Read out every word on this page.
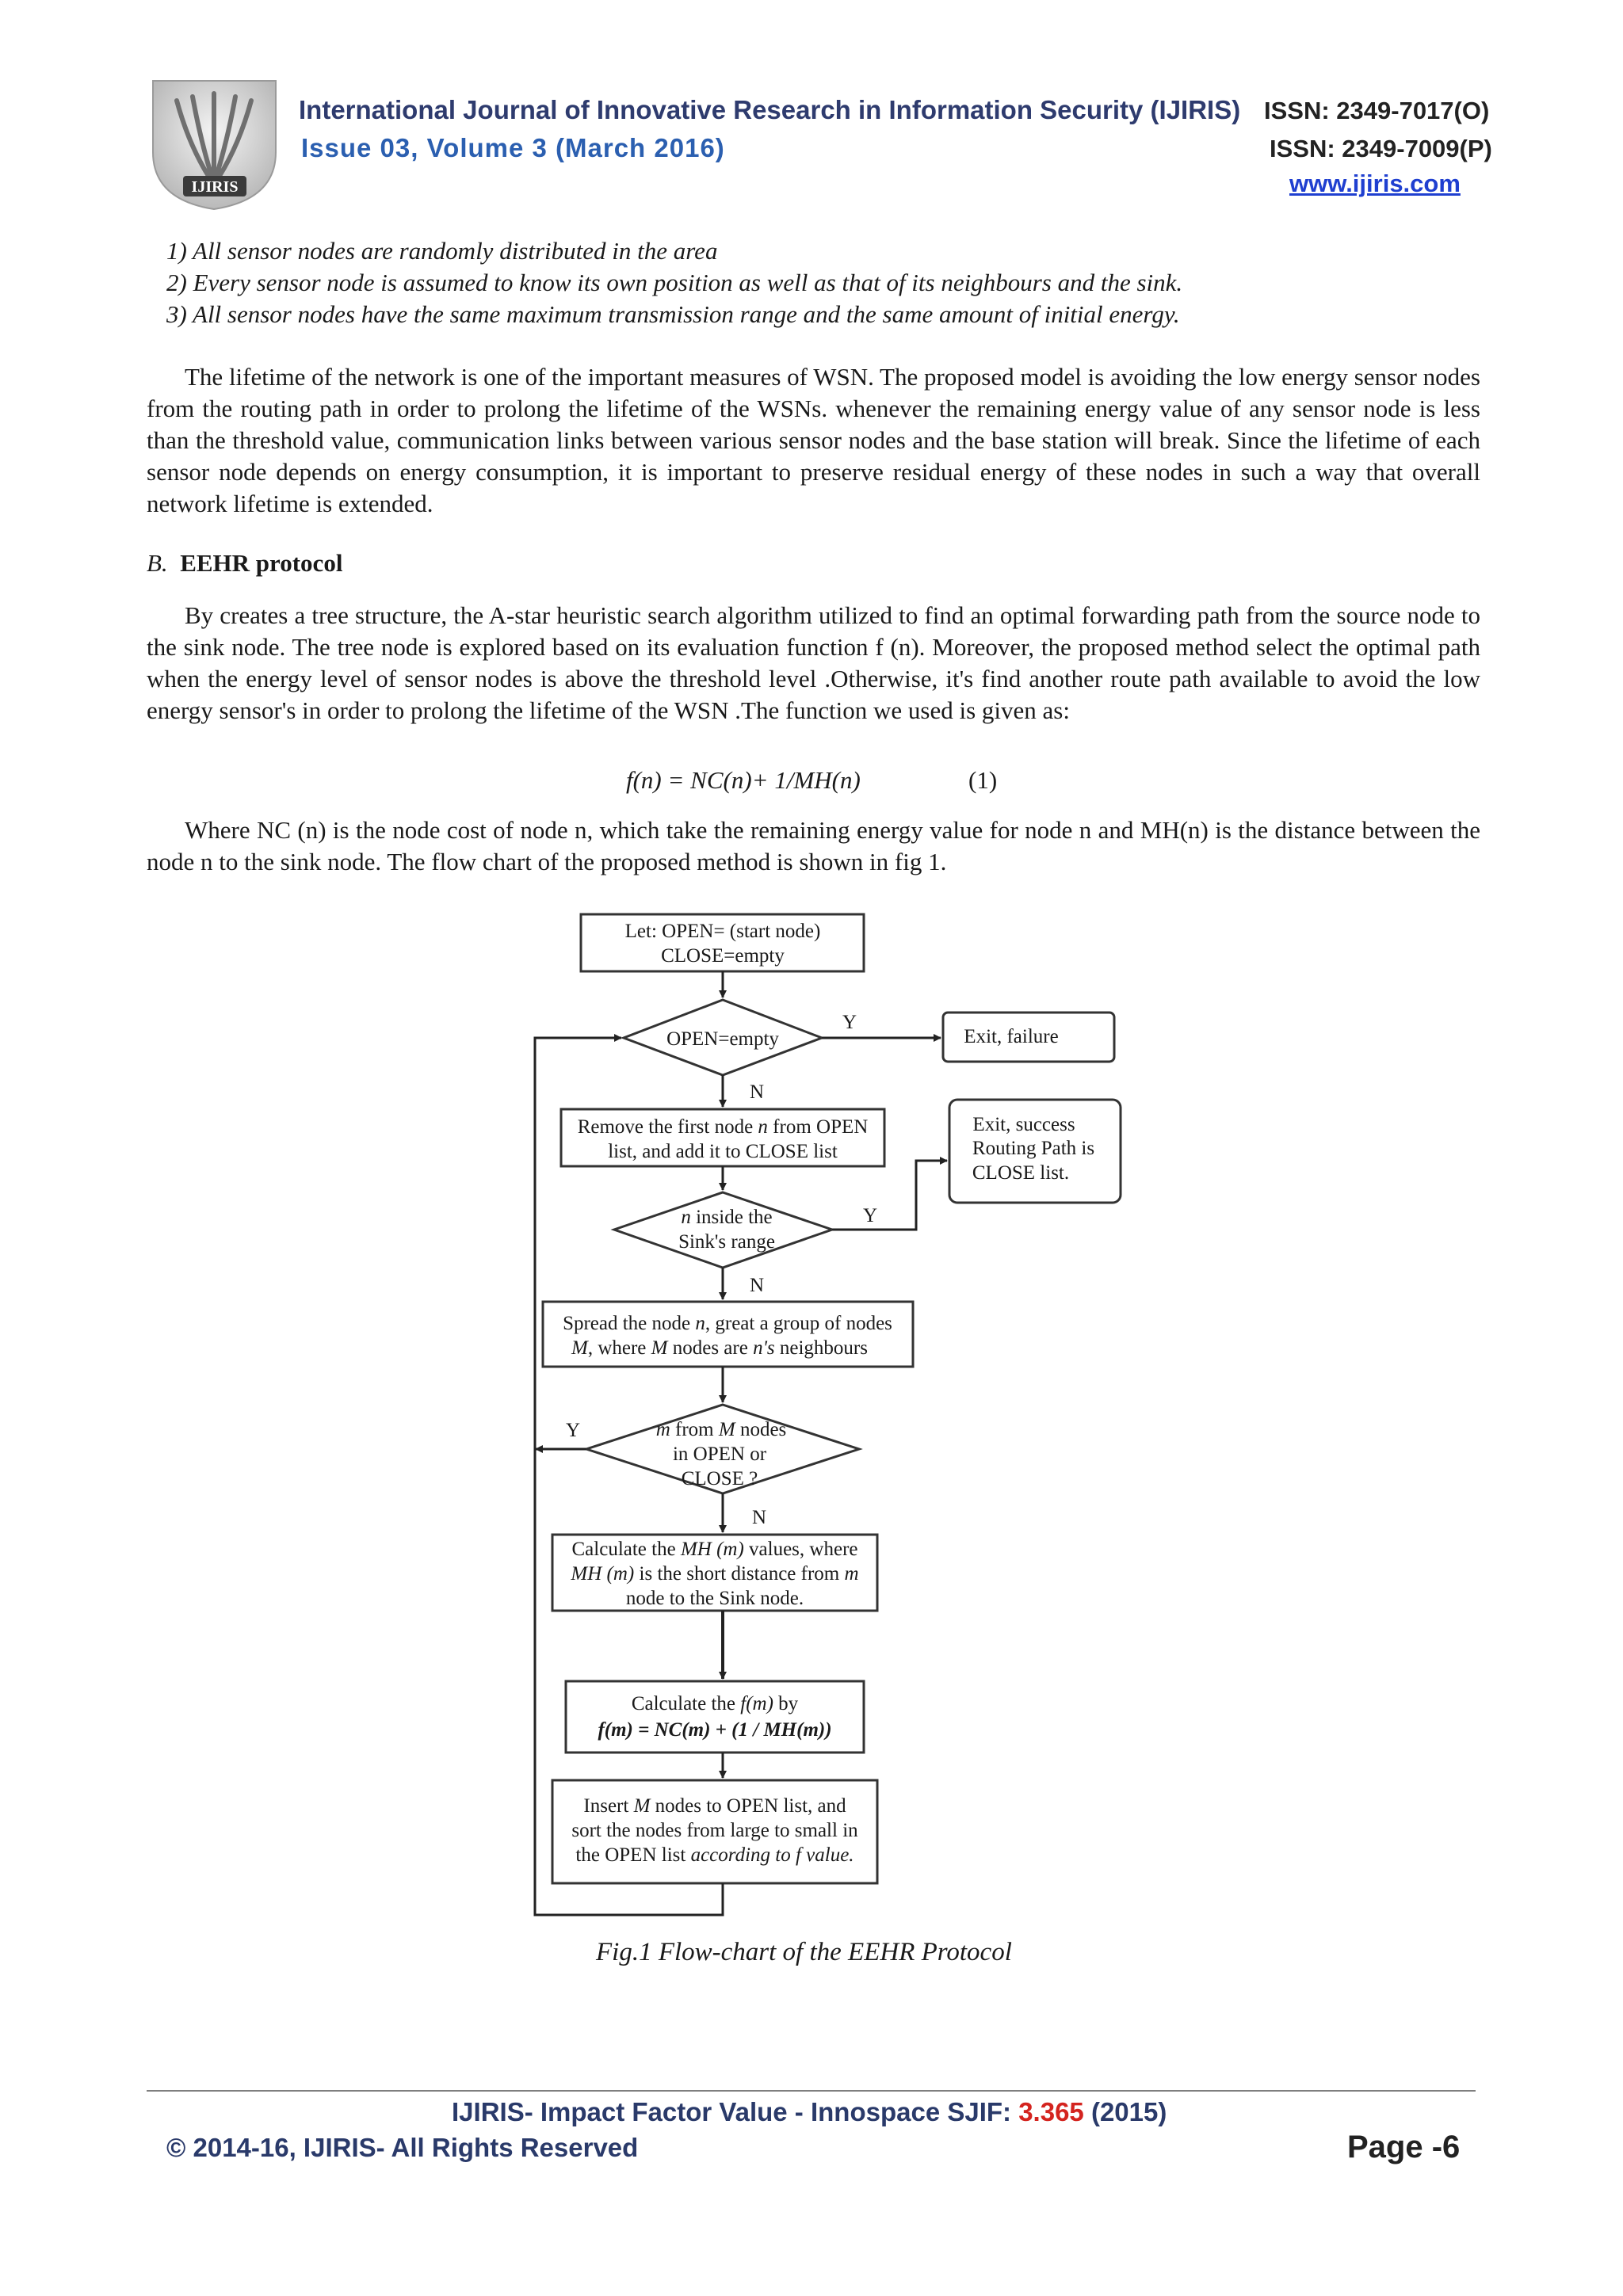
IJIRIS
International Journal of Innovative Research in Information Security (IJIRIS) ISSN: 2349-7017(O)
Issue 03, Volume 3 (March 2016)	ISSN: 2349-7009(P)
www.ijiris.com
1) All sensor nodes are randomly distributed in the area
2) Every sensor node is assumed to know its own position as well as that of its neighbours and the sink.
3) All sensor nodes have the same maximum transmission range and the same amount of initial energy.

The lifetime of the network is one of the important measures of WSN. The proposed model is avoiding the low energy sensor nodes from the routing path in order to prolong the lifetime of the WSNs. whenever the remaining energy value of any sensor node is less than the threshold value, communication links between various sensor nodes and the base station will break. Since the lifetime of each sensor node depends on energy consumption, it is important to preserve residual energy of these nodes in such a way that overall network lifetime is extended.

B. EEHR protocol

By creates a tree structure, the A-star heuristic search algorithm utilized to find an optimal forwarding path from the source node to the sink node. The tree node is explored based on its evaluation function f (n). Moreover, the proposed method select the optimal path when the energy level of sensor nodes is above the threshold level .Otherwise, it's find another route path available to avoid the low energy sensor's in order to prolong the lifetime of the WSN .The function we used is given as:

f(n) = NC(n)+ 1/MH(n)	(1)

Where NC (n) is the node cost of node n, which take the remaining energy value for node n and MH(n) is the distance between the node n to the sink node. The flow chart of the proposed method is shown in fig 1.

Let: OPEN= (start node)
CLOSE=empty
OPEN=empty
Y
Exit, failure
N
Remove the first node n from OPEN
list, and add it to CLOSE list
Exit, success
Routing Path is
CLOSE list.
Y
n inside the
Sink's range
N
Spread the node n, great a group of nodes
M, where M nodes are n's neighbours
Y	m from M nodes
in OPEN or
CLOSE ?
N
Calculate the MH (m) values, where
MH (m) is the short distance from m
node to the Sink node.
Calculate the f(m) by
f(m) = NC(m) + (1 / MH(m))
Insert M nodes to OPEN list, and
sort the nodes from large to small in
the OPEN list according to f value.
Fig.1 Flow-chart of the EEHR Protocol
IJIRIS- Impact Factor Value - Innospace SJIF: 3.365 (2015)
© 2014-16, IJIRIS- All Rights Reserved	Page -6
